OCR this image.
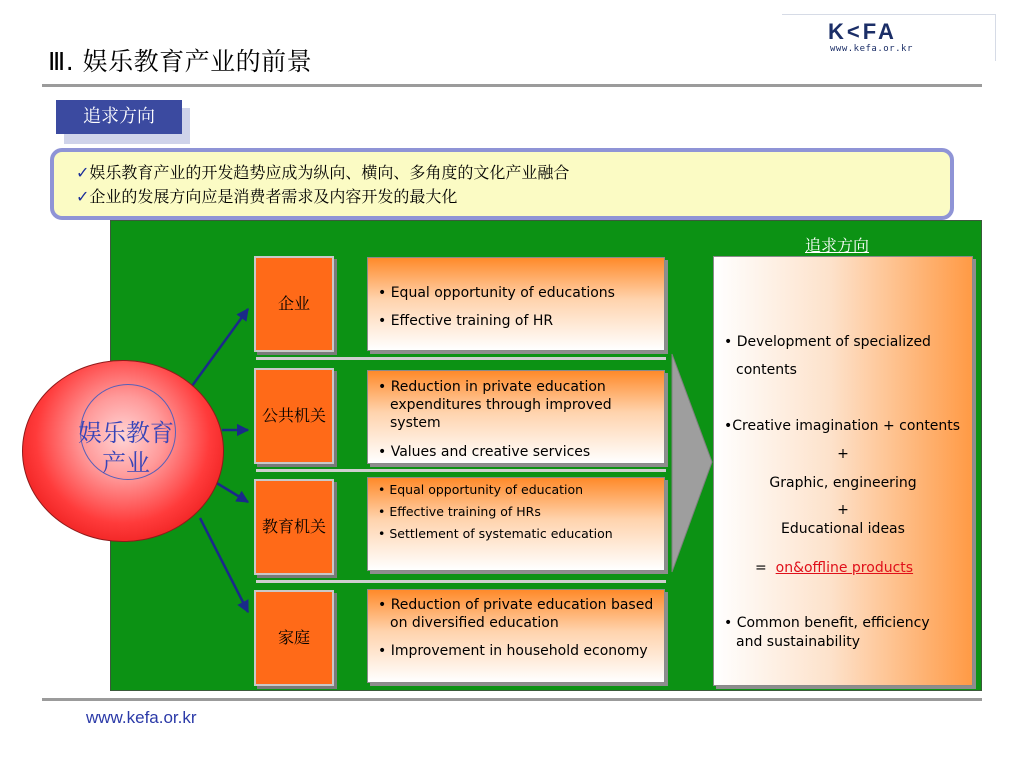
Ⅲ. 娱乐教育产业的前景
K<FA
www.kefa.or.kr
追求方向
✓娱乐教育产业的开发趋势应成为纵向、横向、多角度的文化产业融合
✓企业的发展方向应是消费者需求及内容开发的最大化
追求方向
娱乐教育
产业
企业
• Equal opportunity of educations
• Effective training of HR
公共机关
• Reduction in private education expenditures through improved system
• Values and creative services
教育机关
• Equal opportunity of education
• Effective training of HRs
• Settlement of systematic education
家庭
• Reduction of private education based on diversified education
• Improvement in household economy
• Development of specialized
contents
•Creative imagination + contents
+
Graphic, engineering
+
Educational ideas
= on&offline products
• Common benefit, efficiency
and sustainability
www.kefa.or.kr
